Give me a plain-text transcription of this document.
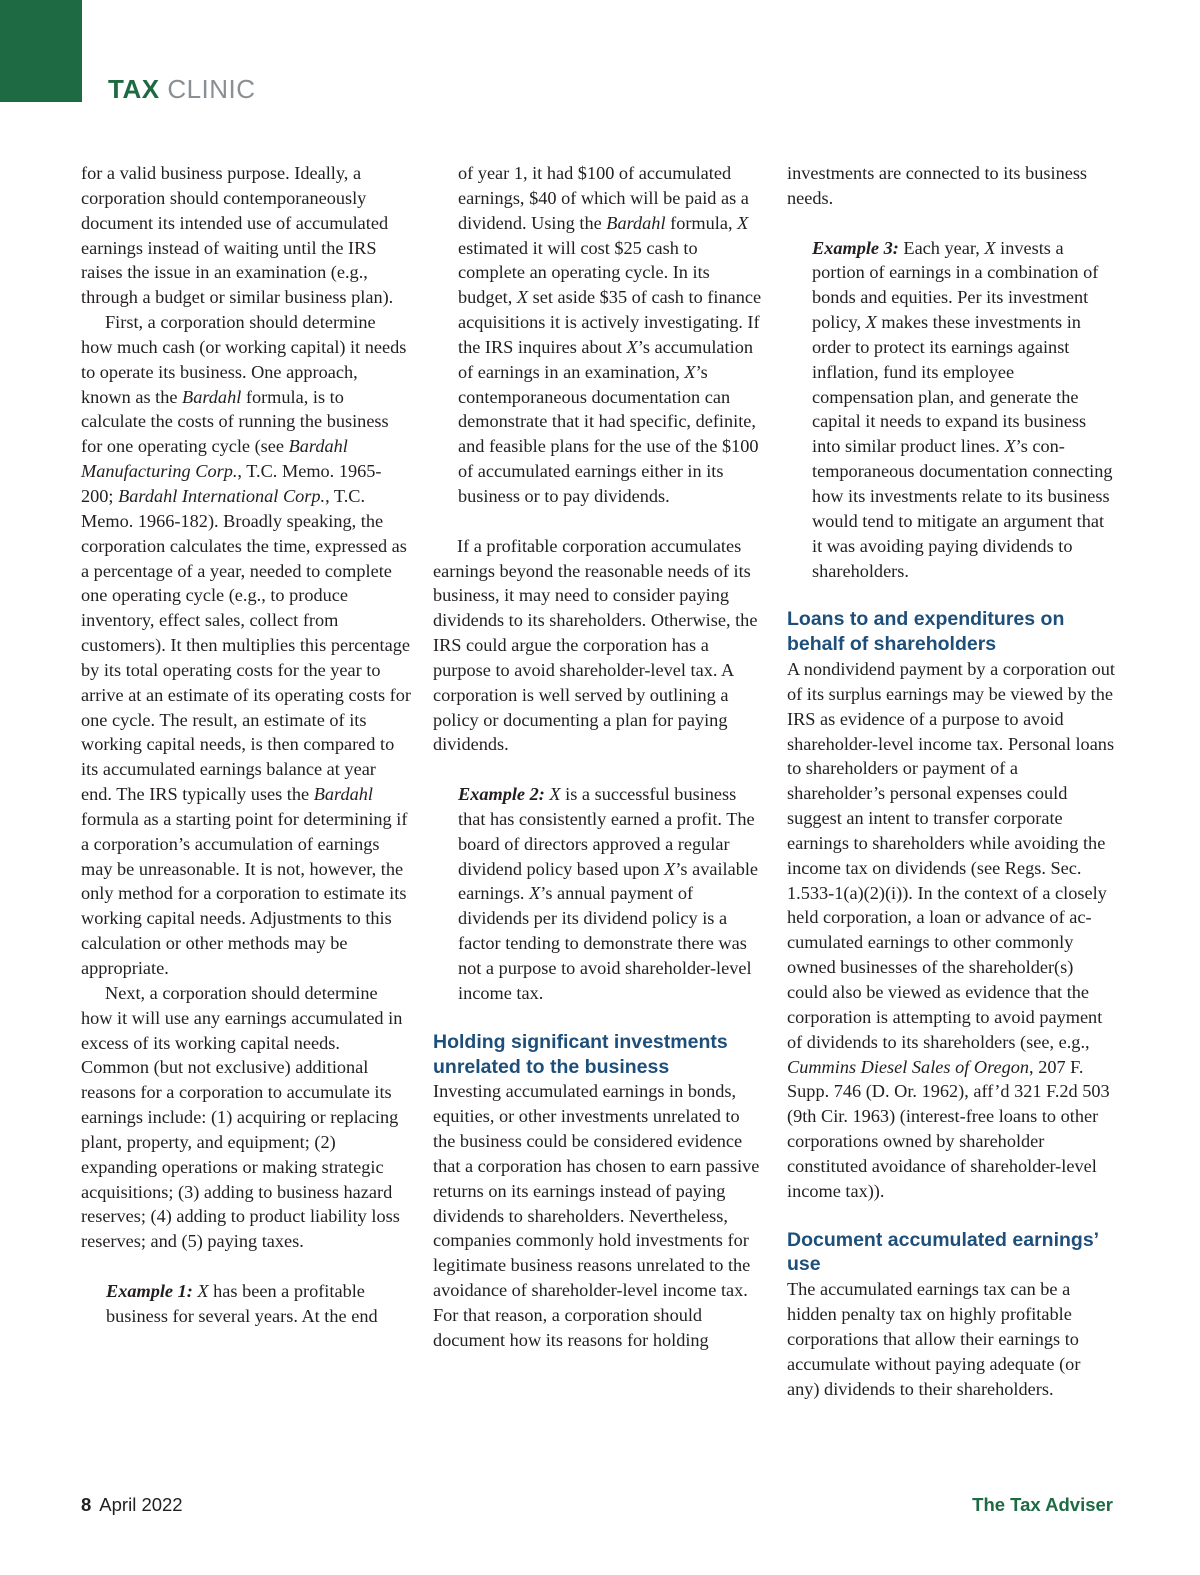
TAX CLINIC

for a valid business purpose. Ideally, a corporation should contemporaneously document its intended use of accumulated earnings instead of waiting until the IRS raises the issue in an examination (e.g., through a budget or similar business plan).

First, a corporation should determine how much cash (or working capital) it needs to operate its business. One approach, known as the Bardahl formula, is to calculate the costs of running the business for one operating cycle (see Bardahl Manufacturing Corp., T.C. Memo. 1965-200; Bardahl International Corp., T.C. Memo. 1966-182). Broadly speaking, the corporation calculates the time, expressed as a percentage of a year, needed to complete one operating cycle (e.g., to produce inventory, effect sales, collect from customers). It then multiplies this percentage by its total operating costs for the year to arrive at an estimate of its operating costs for one cycle. The result, an estimate of its working capital needs, is then compared to its accumulated earnings balance at year end. The IRS typically uses the Bardahl formula as a starting point for determining if a corporation’s accumulation of earnings may be unreasonable. It is not, however, the only method for a corporation to estimate its working capital needs. Adjustments to this calculation or other methods may be appropriate.

Next, a corporation should determine how it will use any earnings accumulated in excess of its working capital needs. Common (but not exclusive) additional reasons for a corporation to accumulate its earnings include: (1) acquiring or replacing plant, property, and equipment; (2) expanding operations or making strategic acquisitions; (3) adding to business hazard reserves; (4) adding to product liability loss reserves; and (5) paying taxes.

Example 1: X has been a profitable business for several years. At the end

of year 1, it had $100 of accumulated earnings, $40 of which will be paid as a dividend. Using the Bardahl formula, X estimated it will cost $25 cash to complete an operating cycle. In its budget, X set aside $35 of cash to finance acquisitions it is actively investigating. If the IRS inquires about X’s accumulation of earnings in an examination, X’s contemporaneous documentation can demonstrate that it had specific, definite, and feasible plans for the use of the $100 of accumulated earnings either in its business or to pay dividends.

If a profitable corporation accumulates earnings beyond the reasonable needs of its business, it may need to consider paying dividends to its shareholders. Otherwise, the IRS could argue the corporation has a purpose to avoid shareholder-level tax. A corporation is well served by outlining a policy or documenting a plan for paying dividends.

Example 2: X is a successful business that has consistently earned a profit. The board of directors approved a regular dividend policy based upon X’s available earnings. X’s annual payment of dividends per its dividend policy is a factor tending to demonstrate there was not a purpose to avoid shareholder-level income tax.

Holding significant investments unrelated to the business

Investing accumulated earnings in bonds, equities, or other investments unrelated to the business could be considered evidence that a corporation has chosen to earn passive returns on its earnings instead of paying dividends to shareholders. Nevertheless, companies commonly hold investments for legitimate business reasons unrelated to the avoidance of shareholder-level income tax. For that reason, a corporation should document how its reasons for holding

investments are connected to its business needs.

Example 3: Each year, X invests a portion of earnings in a combination of bonds and equities. Per its investment policy, X makes these investments in order to protect its earnings against inflation, fund its employee compensation plan, and generate the capital it needs to expand its business into similar product lines. X’s contemporaneous documentation connecting how its investments relate to its business would tend to mitigate an argument that it was avoiding paying dividends to shareholders.

Loans to and expenditures on behalf of shareholders

A nondividend payment by a corporation out of its surplus earnings may be viewed by the IRS as evidence of a purpose to avoid shareholder-level income tax. Personal loans to shareholders or payment of a shareholder’s personal expenses could suggest an intent to transfer corporate earnings to shareholders while avoiding the income tax on dividends (see Regs. Sec. 1.533-1(a)(2)(i)). In the context of a closely held corporation, a loan or advance of accumulated earnings to other commonly owned businesses of the shareholder(s) could also be viewed as evidence that the corporation is attempting to avoid payment of dividends to its shareholders (see, e.g., Cummins Diesel Sales of Oregon, 207 F. Supp. 746 (D. Or. 1962), aff’d 321 F.2d 503 (9th Cir. 1963) (interest-free loans to other corporations owned by shareholder constituted avoidance of shareholder-level income tax)).

Document accumulated earnings’ use

The accumulated earnings tax can be a hidden penalty tax on highly profitable corporations that allow their earnings to accumulate without paying adequate (or any) dividends to their shareholders.

8 April 2022	The Tax Adviser
